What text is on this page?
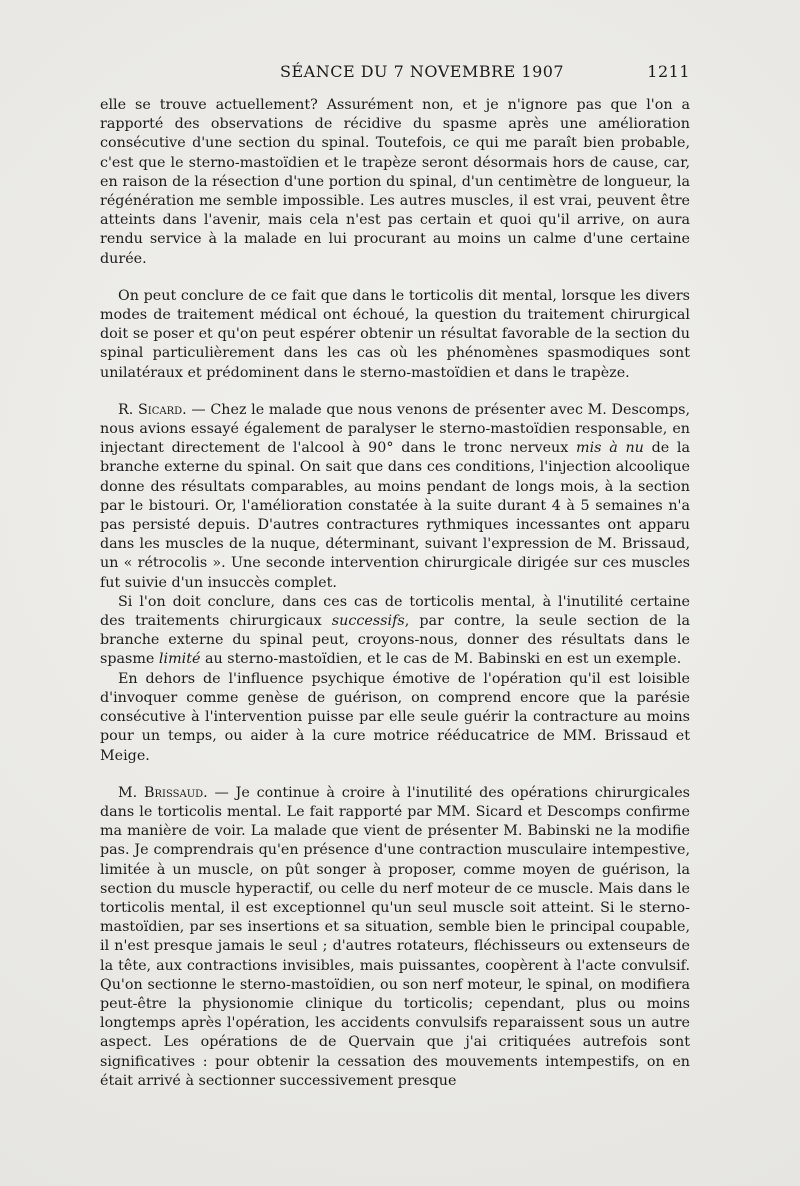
SÉANCE DU 7 NOVEMBRE 1907	1211

elle se trouve actuellement? Assurément non, et je n'ignore pas que l'on a rapporté des observations de récidive du spasme après une amélioration consécutive d'une section du spinal. Toutefois, ce qui me paraît bien probable, c'est que le sterno-mastoïdien et le trapèze seront désormais hors de cause, car, en raison de la résection d'une portion du spinal, d'un centimètre de longueur, la régénération me semble impossible. Les autres muscles, il est vrai, peuvent être atteints dans l'avenir, mais cela n'est pas certain et quoi qu'il arrive, on aura rendu service à la malade en lui procurant au moins un calme d'une certaine durée.

On peut conclure de ce fait que dans le torticolis dit mental, lorsque les divers modes de traitement médical ont échoué, la question du traitement chirurgical doit se poser et qu'on peut espérer obtenir un résultat favorable de la section du spinal particulièrement dans les cas où les phénomènes spasmodiques sont unilatéraux et prédominent dans le sterno-mastoïdien et dans le trapèze.

R. Sicard. — Chez le malade que nous venons de présenter avec M. Descomps, nous avions essayé également de paralyser le sterno-mastoïdien responsable, en injectant directement de l'alcool à 90° dans le tronc nerveux mis à nu de la branche externe du spinal. On sait que dans ces conditions, l'injection alcoolique donne des résultats comparables, au moins pendant de longs mois, à la section par le bistouri. Or, l'amélioration constatée à la suite durant 4 à 5 semaines n'a pas persisté depuis. D'autres contractures rythmiques incessantes ont apparu dans les muscles de la nuque, déterminant, suivant l'expression de M. Brissaud, un « rétrocolis ». Une seconde intervention chirurgicale dirigée sur ces muscles fut suivie d'un insuccès complet.

Si l'on doit conclure, dans ces cas de torticolis mental, à l'inutilité certaine des traitements chirurgicaux successifs, par contre, la seule section de la branche externe du spinal peut, croyons-nous, donner des résultats dans le spasme limité au sterno-mastoïdien, et le cas de M. Babinski en est un exemple.

En dehors de l'influence psychique émotive de l'opération qu'il est loisible d'invoquer comme genèse de guérison, on comprend encore que la parésie consécutive à l'intervention puisse par elle seule guérir la contracture au moins pour un temps, ou aider à la cure motrice rééducatrice de MM. Brissaud et Meige.

M. Brissaud. — Je continue à croire à l'inutilité des opérations chirurgicales dans le torticolis mental. Le fait rapporté par MM. Sicard et Descomps confirme ma manière de voir. La malade que vient de présenter M. Babinski ne la modifie pas. Je comprendrais qu'en présence d'une contraction musculaire intempestive, limitée à un muscle, on pût songer à proposer, comme moyen de guérison, la section du muscle hyperactif, ou celle du nerf moteur de ce muscle. Mais dans le torticolis mental, il est exceptionnel qu'un seul muscle soit atteint. Si le sterno-mastoïdien, par ses insertions et sa situation, semble bien le principal coupable, il n'est presque jamais le seul ; d'autres rotateurs, fléchisseurs ou extenseurs de la tête, aux contractions invisibles, mais puissantes, coopèrent à l'acte convulsif. Qu'on sectionne le sterno-mastoïdien, ou son nerf moteur, le spinal, on modifiera peut-être la physionomie clinique du torticolis; cependant, plus ou moins longtemps après l'opération, les accidents convulsifs reparaissent sous un autre aspect. Les opérations de de Quervain que j'ai critiquées autrefois sont significatives : pour obtenir la cessation des mouvements intempestifs, on en était arrivé à sectionner successivement presque
